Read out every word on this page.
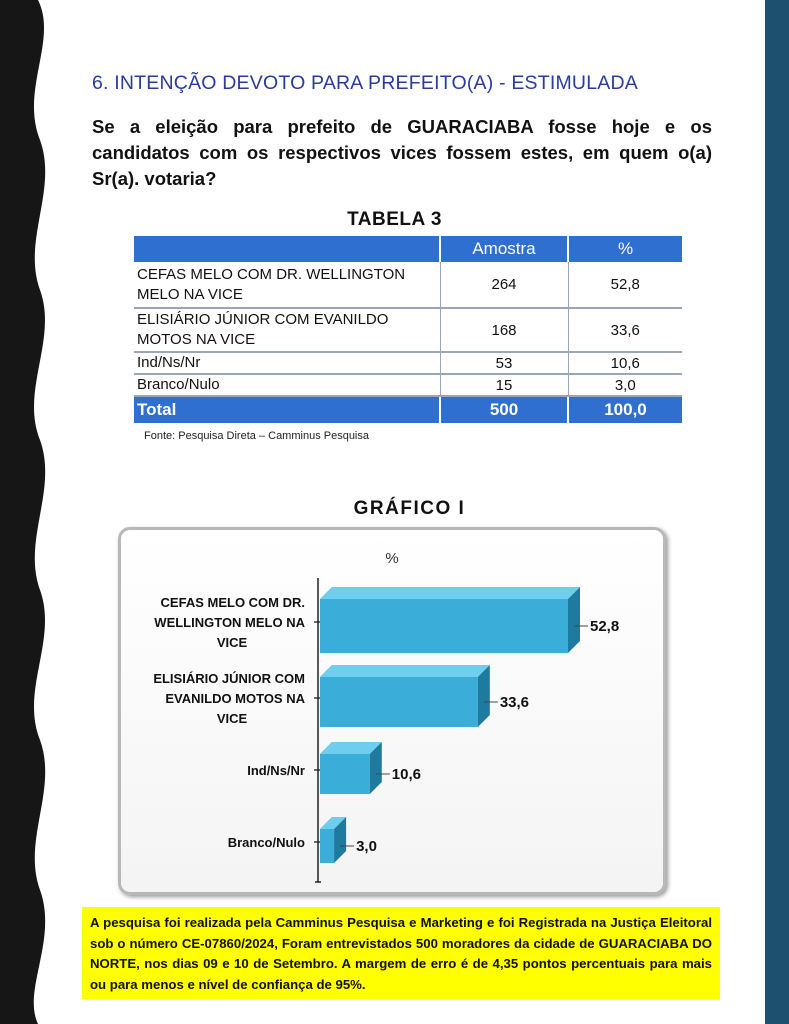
6. INTENÇÃO DEVOTO PARA PREFEITO(A) - ESTIMULADA
Se a eleição para prefeito de GUARACIABA fosse hoje e os candidatos com os respectivos vices fossem estes, em quem o(a) Sr(a). votaria?
TABELA 3
	Amostra	%
CEFAS MELO COM DR. WELLINGTON MELO NA VICE	264	52,8
ELISIÁRIO JÚNIOR COM EVANILDO MOTOS NA VICE	168	33,6
Ind/Ns/Nr	53	10,6
Branco/Nulo	15	3,0
Total	500	100,0
Fonte: Pesquisa Direta – Camminus Pesquisa
GRÁFICO I
%
52,8
CEFAS MELO COM DR.
WELLINGTON MELO NA
VICE
33,6
ELISIÁRIO JÚNIOR COM
EVANILDO MOTOS NA
VICE
10,6
Ind/Ns/Nr
3,0
Branco/Nulo
A pesquisa foi realizada pela Camminus Pesquisa e Marketing e foi Registrada na Justiça Eleitoral sob o número CE-07860/2024, Foram entrevistados 500 moradores da cidade de GUARACIABA DO NORTE, nos dias 09 e 10 de Setembro. A margem de erro é de 4,35 pontos percentuais para mais ou para menos e nível de confiança de 95%.
